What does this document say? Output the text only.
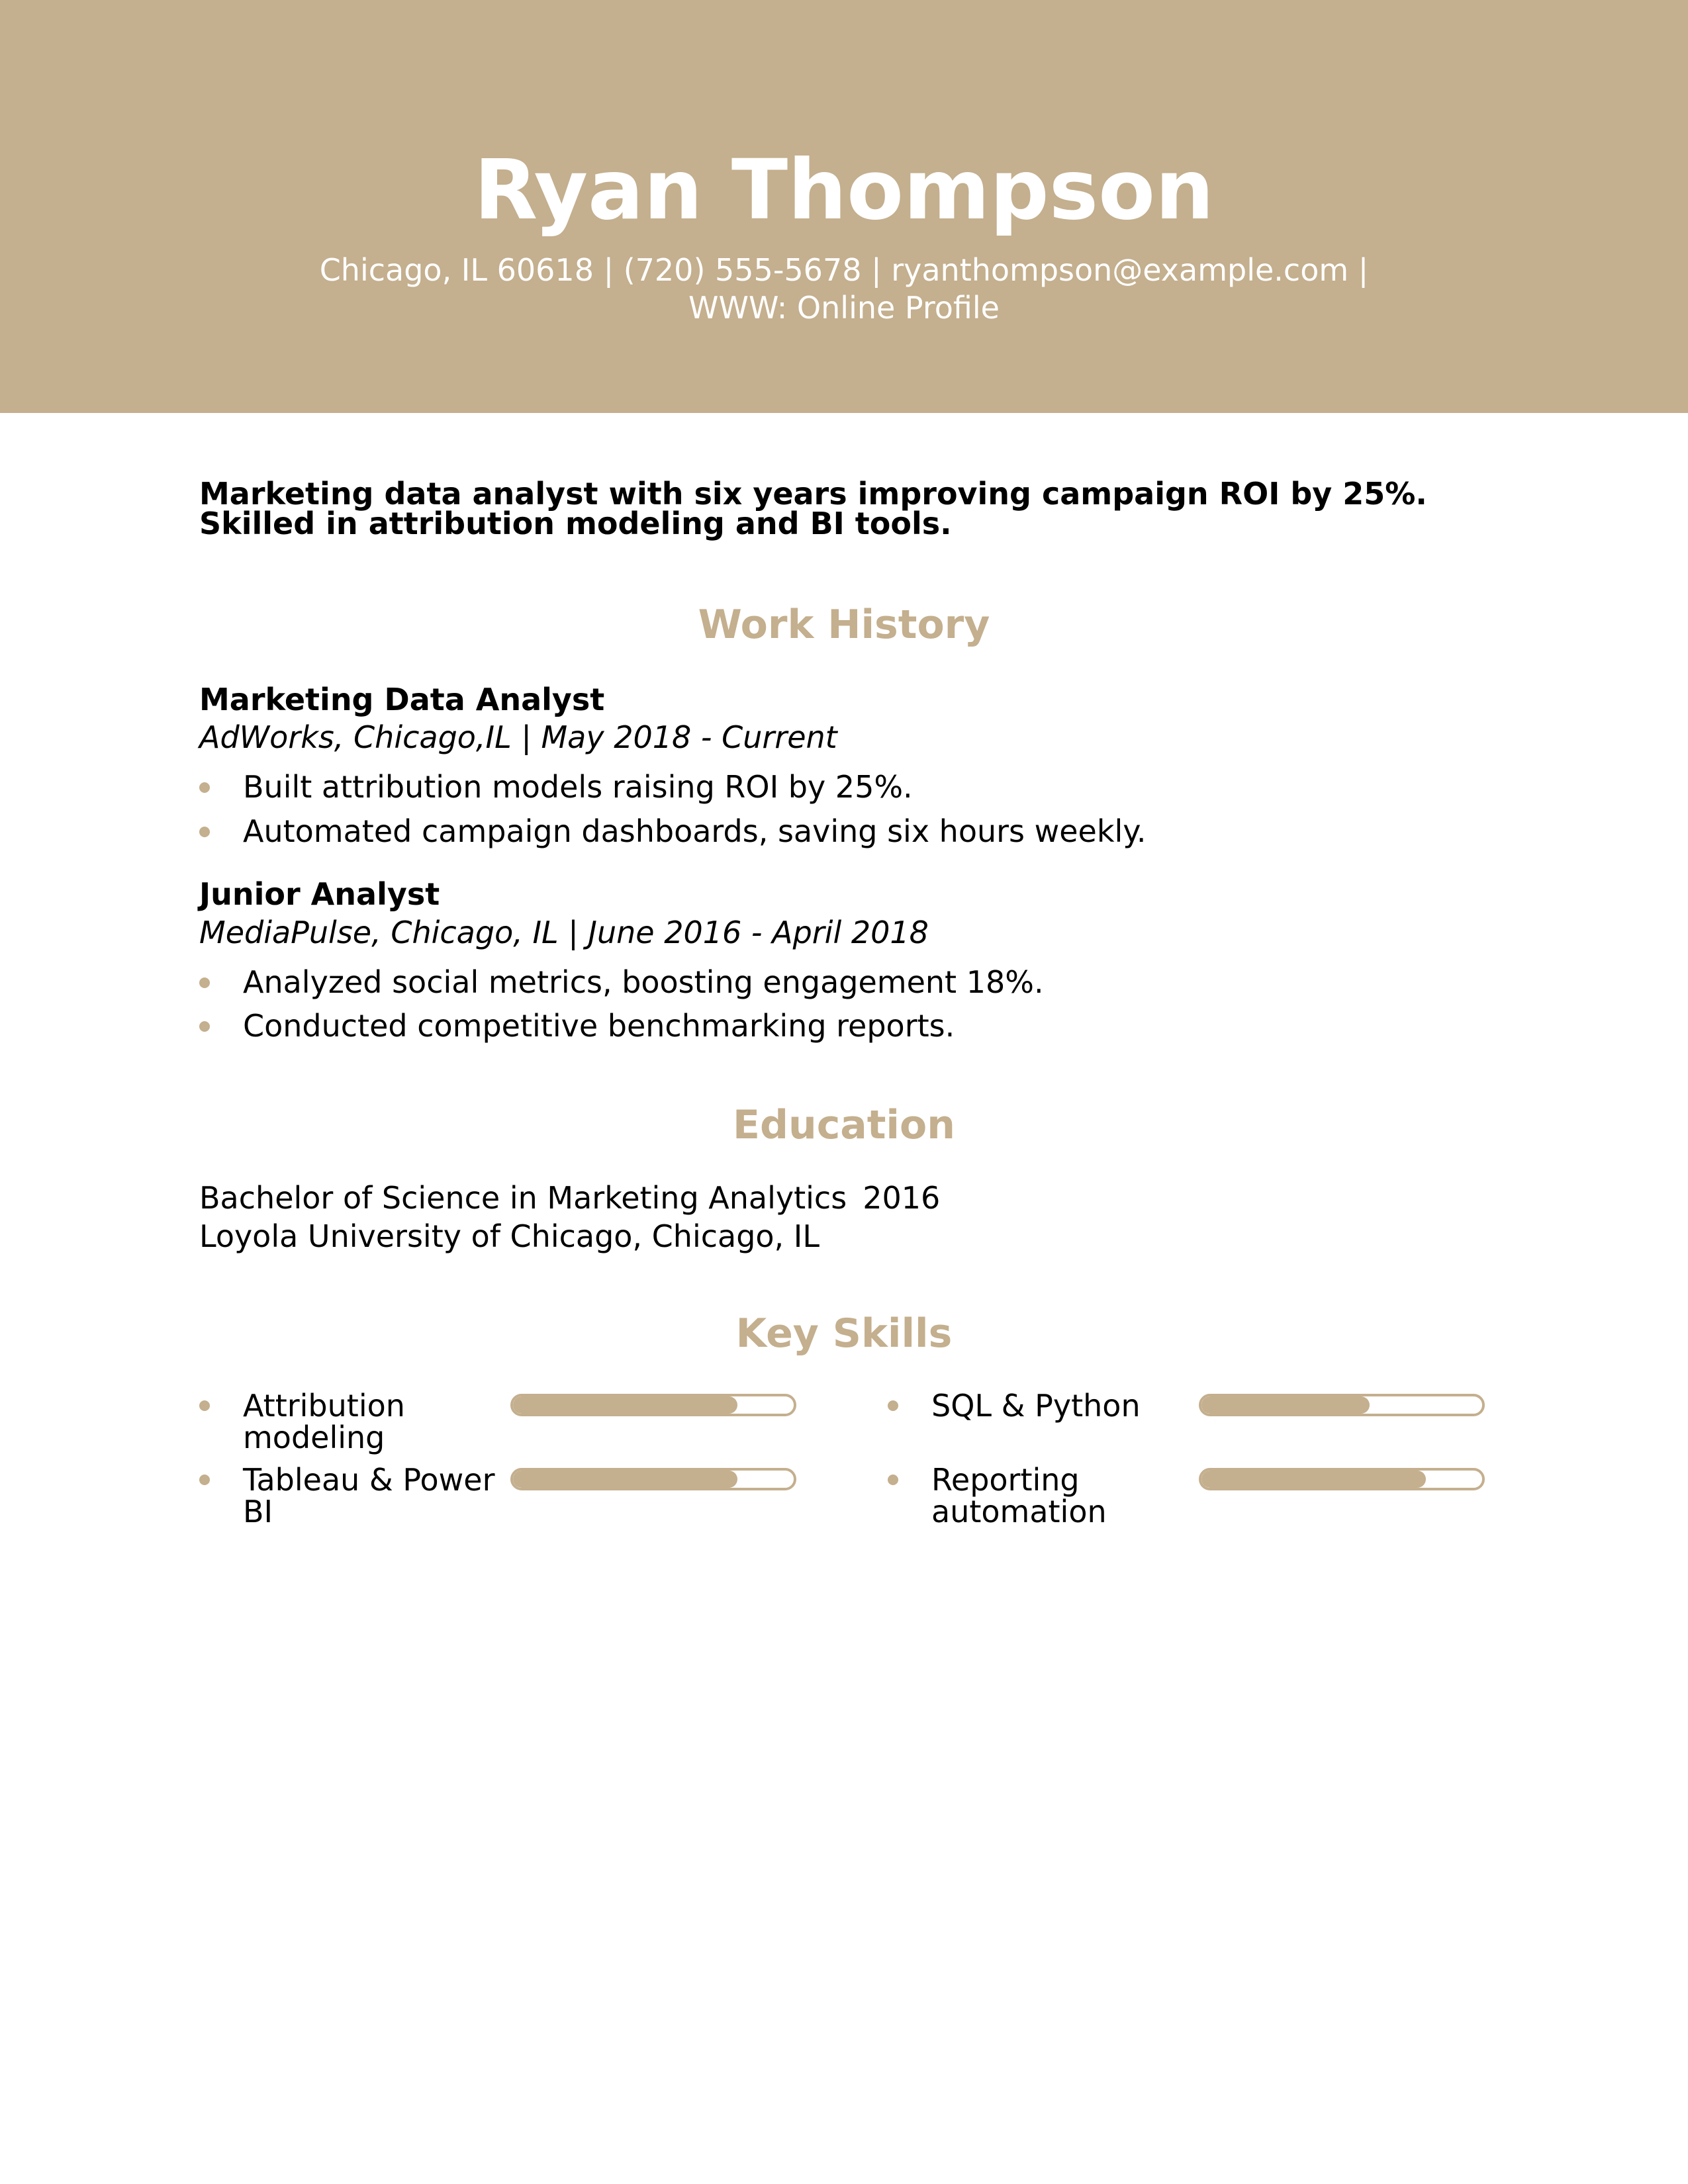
Ryan Thompson
Chicago, IL 60618 | (720) 555-5678 | ryanthompson@example.com |
WWW: Online Profile
Marketing data analyst with six years improving campaign ROI by 25%.
Skilled in attribution modeling and BI tools.
Work History
Marketing Data Analyst
AdWorks, Chicago,IL | May 2018 - Current
Built attribution models raising ROI by 25%.
Automated campaign dashboards, saving six hours weekly.
Junior Analyst
MediaPulse, Chicago, IL | June 2016 - April 2018
Analyzed social metrics, boosting engagement 18%.
Conducted competitive benchmarking reports.
Education
Bachelor of Science in Marketing Analytics 2016
Loyola University of Chicago, Chicago, IL
Key Skills
Attribution modeling
SQL & Python
Tableau & Power BI
Reporting automation
